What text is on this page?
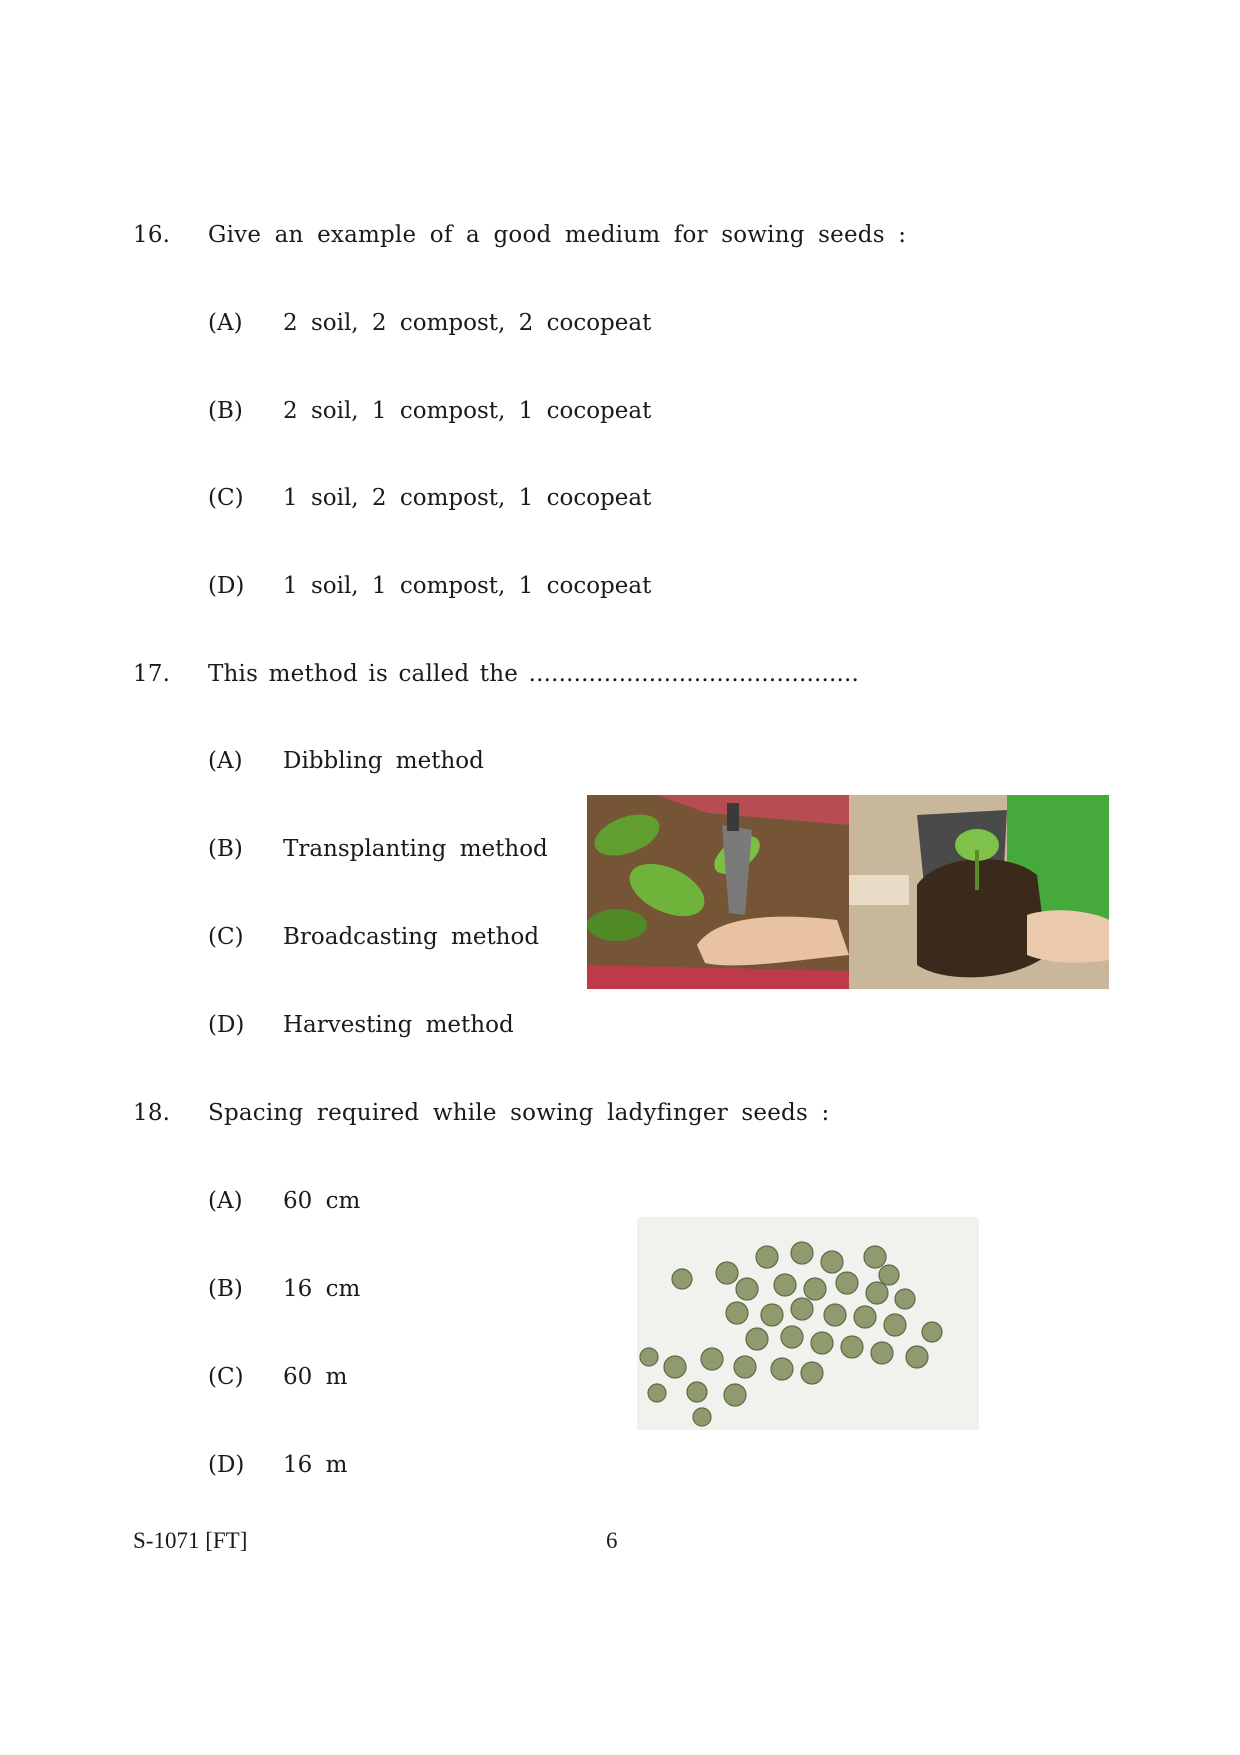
16. Give an example of a good medium for sowing seeds :
(A) 2 soil, 2 compost, 2 cocopeat
(B) 2 soil, 1 compost, 1 cocopeat
(C) 1 soil, 2 compost, 1 cocopeat
(D) 1 soil, 1 compost, 1 cocopeat
17. This method is called the ............................................
(A) Dibbling method
(B) Transplanting method
(C) Broadcasting method
(D) Harvesting method
18. Spacing required while sowing ladyfinger seeds :
(A) 60 cm
(B) 16 cm
(C) 60 m
(D) 16 m
S-1071 [FT]	6
